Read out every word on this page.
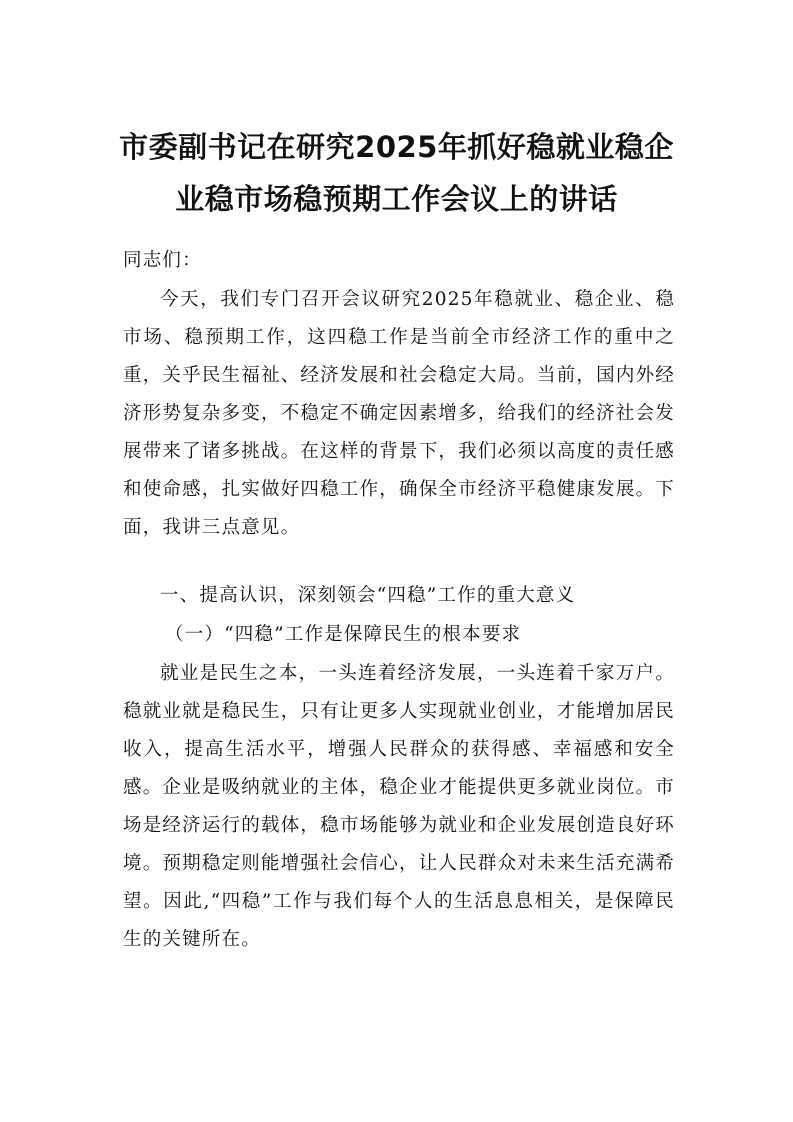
市委副书记在研究2025年抓好稳就业稳企
业稳市场稳预期工作会议上的讲话

同志们：

今天，我们专门召开会议研究2025年稳就业、稳企业、稳市场、稳预期工作，这四稳工作是当前全市经济工作的重中之重，关乎民生福祉、经济发展和社会稳定大局。当前，国内外经济形势复杂多变，不稳定不确定因素增多，给我们的经济社会发展带来了诸多挑战。在这样的背景下，我们必须以高度的责任感和使命感，扎实做好四稳工作，确保全市经济平稳健康发展。下面，我讲三点意见。

一、提高认识，深刻领会“四稳”工作的重大意义

（一）“四稳”工作是保障民生的根本要求

就业是民生之本，一头连着经济发展，一头连着千家万户。稳就业就是稳民生，只有让更多人实现就业创业，才能增加居民收入，提高生活水平，增强人民群众的获得感、幸福感和安全感。企业是吸纳就业的主体，稳企业才能提供更多就业岗位。市场是经济运行的载体，稳市场能够为就业和企业发展创造良好环境。预期稳定则能增强社会信心，让人民群众对未来生活充满希望。因此,“四稳”工作与我们每个人的生活息息相关，是保障民生的关键所在。
